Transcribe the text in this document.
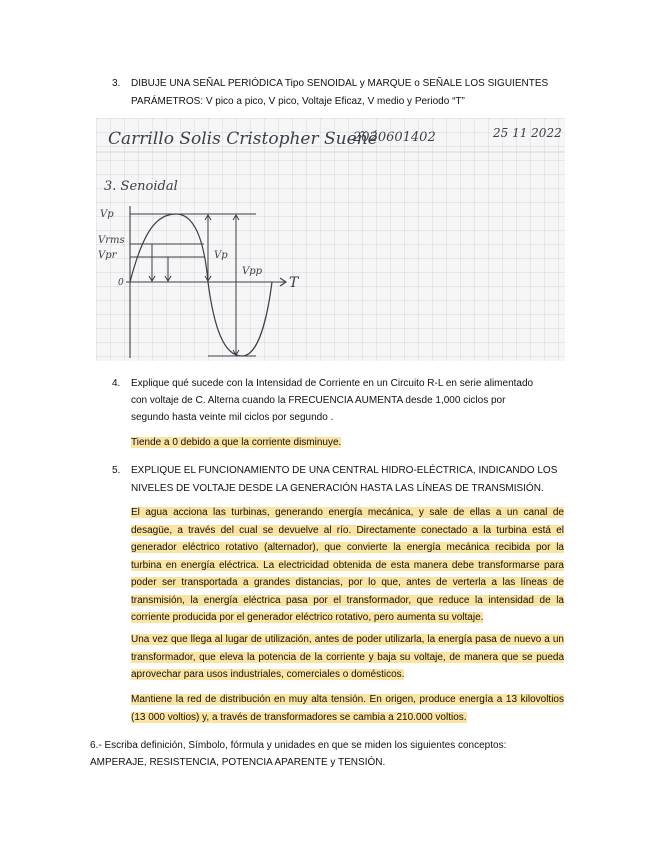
3. DIBUJE UNA SEÑAL PERIÓDICA Tipo SENOIDAL y MARQUE o SEÑALE LOS SIGUIENTES
PARÁMETROS: V pico a pico, V pico, Voltaje Eficaz, V medio y Periodo “T”
Carrillo Solis Cristopher Sueñé
2020601402	25 11 2022
3. Senoidal
Vp
Vrms
Vpr
0
Vp
Vpp
T
4. Explique qué sucede con la Intensidad de Corriente en un Circuito R-L en serie alimentado
con voltaje de C. Alterna cuando la FRECUENCIA AUMENTA desde 1,000 ciclos por
segundo hasta veinte mil ciclos por segundo .
Tiende a 0 debido a que la corriente disminuye.
5. EXPLIQUE EL FUNCIONAMIENTO DE UNA CENTRAL HIDRO-ELÉCTRICA, INDICANDO LOS
NIVELES DE VOLTAJE DESDE LA GENERACIÓN HASTA LAS LÍNEAS DE TRANSMISIÓN.
El agua acciona las turbinas, generando energía mecánica, y sale de ellas a un canal de desagüe, a través del cual se devuelve al río. Directamente conectado a la turbina está el generador eléctrico rotativo (alternador), que convierte la energía mecánica recibida por la turbina en energía eléctrica. La electricidad obtenida de esta manera debe transformarse para poder ser transportada a grandes distancias, por lo que, antes de verterla a las líneas de transmisión, la energía eléctrica pasa por el transformador, que reduce la intensidad de la corriente producida por el generador eléctrico rotativo, pero aumenta su voltaje.
Una vez que llega al lugar de utilización, antes de poder utilizarla, la energía pasa de nuevo a un transformador, que eleva la potencia de la corriente y baja su voltaje, de manera que se pueda aprovechar para usos industriales, comerciales o domésticos.
Mantiene la red de distribución en muy alta tensión. En origen, produce energía a 13 kilovoltios (13 000 voltios) y, a través de transformadores se cambia a 210.000 voltios.
6.- Escriba definición, Símbolo, fórmula y unidades en que se miden los siguientes conceptos:
AMPERAJE, RESISTENCIA, POTENCIA APARENTE y TENSIÓN.
